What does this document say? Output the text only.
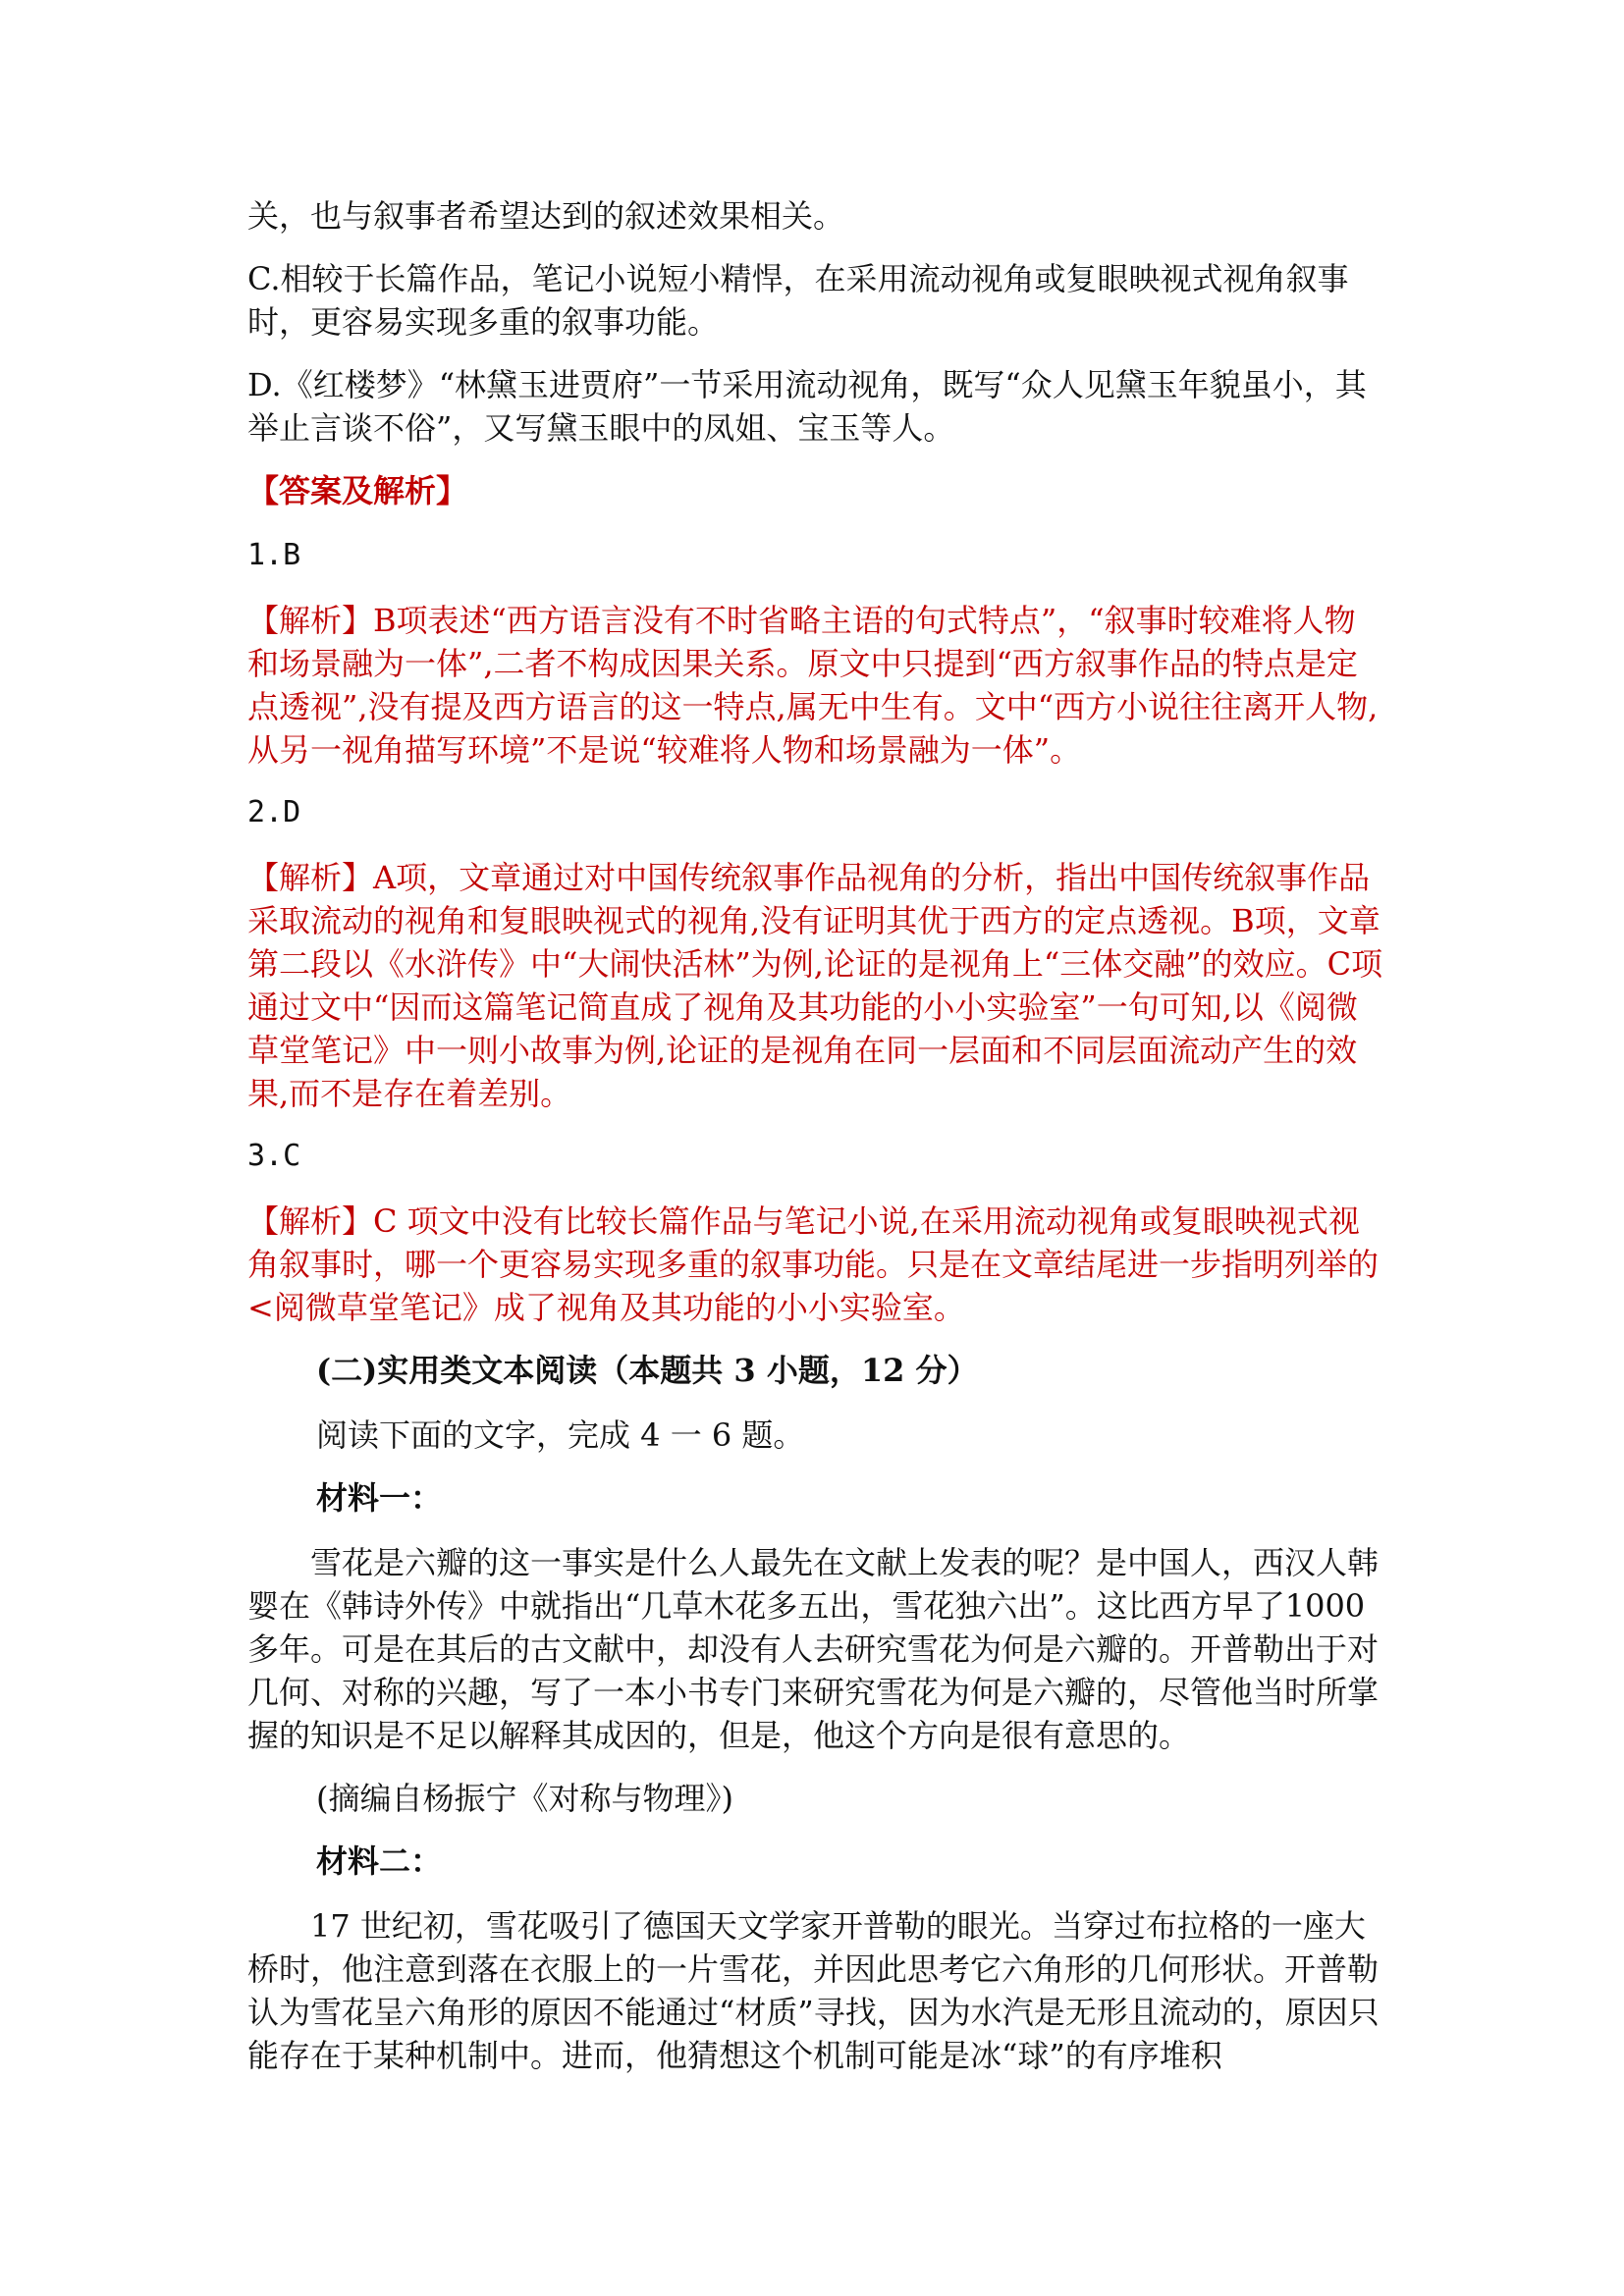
关，也与叙事者希望达到的叙述效果相关。

C.相较于长篇作品，笔记小说短小精悍，在采用流动视角或复眼映视式视角叙事时，更容易实现多重的叙事功能。

D.《红楼梦》“林黛玉进贾府”一节采用流动视角，既写“众人见黛玉年貌虽小，其举止言谈不俗”，又写黛玉眼中的凤姐、宝玉等人。

【答案及解析】

1.B

【解析】B项表述“西方语言没有不时省略主语的句式特点”，“叙事时较难将人物和场景融为一体”,二者不构成因果关系。原文中只提到“西方叙事作品的特点是定点透视”,没有提及西方语言的这一特点,属无中生有。文中“西方小说往往离开人物,从另一视角描写环境”不是说“较难将人物和场景融为一体”。

2.D

【解析】A项，文章通过对中国传统叙事作品视角的分析，指出中国传统叙事作品采取流动的视角和复眼映视式的视角,没有证明其优于西方的定点透视。B项，文章第二段以《水浒传》中“大闹快活林”为例,论证的是视角上“三体交融”的效应。C项通过文中“因而这篇笔记简直成了视角及其功能的小小实验室”一句可知,以《阅微草堂笔记》中一则小故事为例,论证的是视角在同一层面和不同层面流动产生的效果,而不是存在着差别。

3.C

【解析】C 项文中没有比较长篇作品与笔记小说,在采用流动视角或复眼映视式视角叙事时，哪一个更容易实现多重的叙事功能。只是在文章结尾进一步指明列举的<阅微草堂笔记》成了视角及其功能的小小实验室。

(二)实用类文本阅读（本题共 3 小题，12 分）

阅读下面的文字，完成 4 一 6 题。

材料一：

雪花是六瓣的这一事实是什么人最先在文献上发表的呢？是中国人，西汉人韩婴在《韩诗外传》中就指出“几草木花多五出，雪花独六出”。这比西方早了1000 多年。可是在其后的古文献中，却没有人去研究雪花为何是六瓣的。开普勒出于对几何、对称的兴趣，写了一本小书专门来研究雪花为何是六瓣的，尽管他当时所掌握的知识是不足以解释其成因的，但是，他这个方向是很有意思的。

(摘编自杨振宁《对称与物理》)

材料二：

17 世纪初，雪花吸引了德国天文学家开普勒的眼光。当穿过布拉格的一座大桥时，他注意到落在衣服上的一片雪花，并因此思考它六角形的几何形状。开普勒认为雪花呈六角形的原因不能通过“材质”寻找，因为水汽是无形且流动的，原因只能存在于某种机制中。进而，他猜想这个机制可能是冰“球”的有序堆积
